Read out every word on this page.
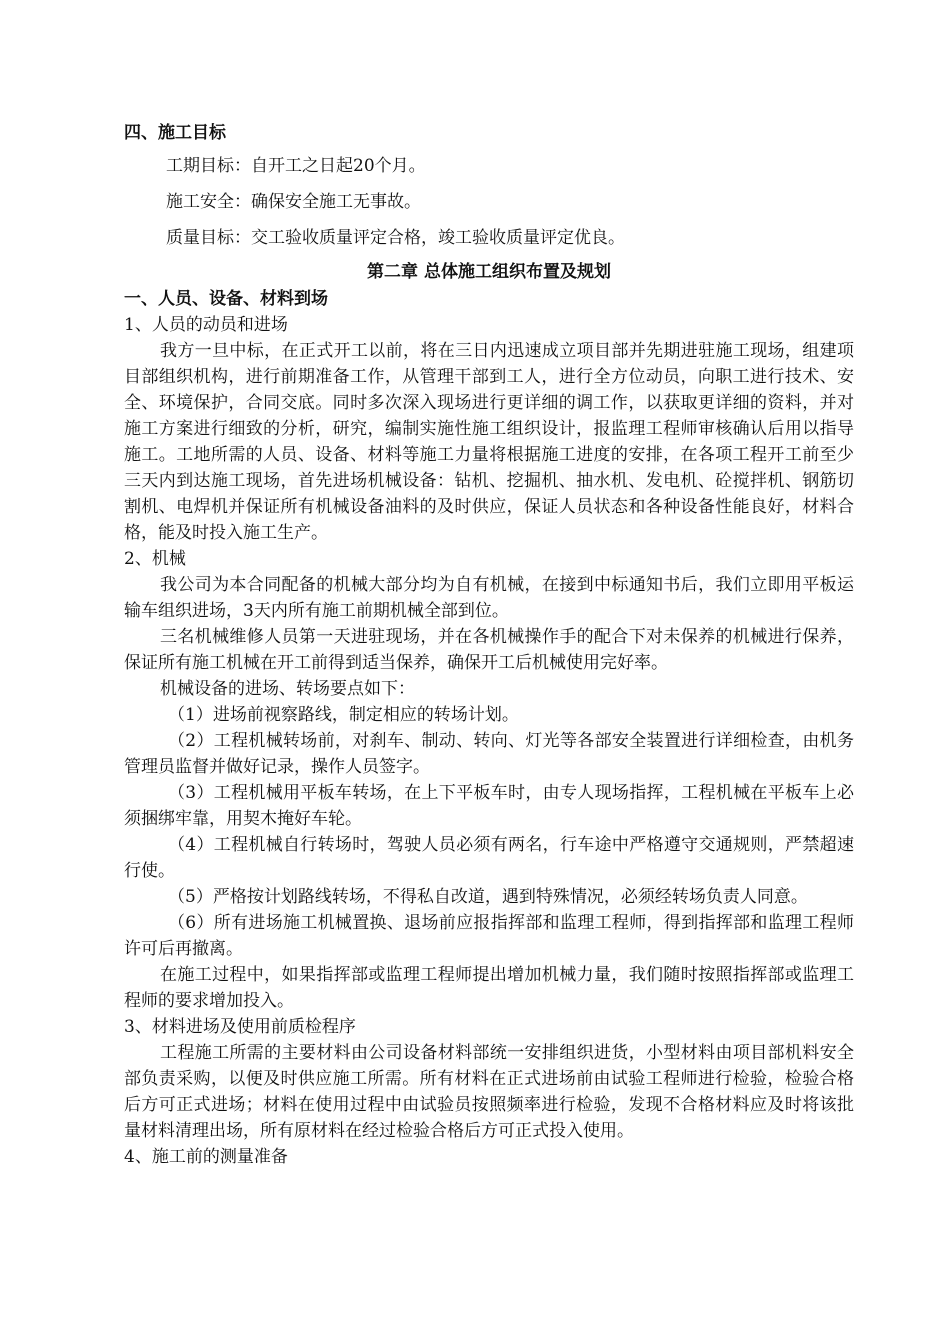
四、施工目标
工期目标：自开工之日起20个月。
施工安全：确保安全施工无事故。
质量目标：交工验收质量评定合格，竣工验收质量评定优良。
第二章 总体施工组织布置及规划
一、人员、设备、材料到场
1、人员的动员和进场

我方一旦中标，在正式开工以前，将在三日内迅速成立项目部并先期进驻施工现场，组建项目部组织机构，进行前期准备工作，从管理干部到工人，进行全方位动员，向职工进行技术、安全、环境保护，合同交底。同时多次深入现场进行更详细的调工作，以获取更详细的资料，并对施工方案进行细致的分析，研究，编制实施性施工组织设计，报监理工程师审核确认后用以指导施工。工地所需的人员、设备、材料等施工力量将根据施工进度的安排，在各项工程开工前至少三天内到达施工现场，首先进场机械设备：钻机、挖掘机、抽水机、发电机、砼搅拌机、钢筋切割机、电焊机并保证所有机械设备油料的及时供应，保证人员状态和各种设备性能良好，材料合格，能及时投入施工生产。

2、机械

我公司为本合同配备的机械大部分均为自有机械，在接到中标通知书后，我们立即用平板运输车组织进场，3天内所有施工前期机械全部到位。

三名机械维修人员第一天进驻现场，并在各机械操作手的配合下对未保养的机械进行保养，保证所有施工机械在开工前得到适当保养，确保开工后机械使用完好率。

机械设备的进场、转场要点如下：

（1）进场前视察路线，制定相应的转场计划。

（2）工程机械转场前，对刹车、制动、转向、灯光等各部安全装置进行详细检查，由机务管理员监督并做好记录，操作人员签字。

（3）工程机械用平板车转场，在上下平板车时，由专人现场指挥，工程机械在平板车上必须捆绑牢靠，用契木掩好车轮。

（4）工程机械自行转场时，驾驶人员必须有两名，行车途中严格遵守交通规则，严禁超速行使。

（5）严格按计划路线转场，不得私自改道，遇到特殊情况，必须经转场负责人同意。

（6）所有进场施工机械置换、退场前应报指挥部和监理工程师，得到指挥部和监理工程师许可后再撤离。

在施工过程中，如果指挥部或监理工程师提出增加机械力量，我们随时按照指挥部或监理工程师的要求增加投入。

3、材料进场及使用前质检程序

工程施工所需的主要材料由公司设备材料部统一安排组织进货，小型材料由项目部机料安全部负责采购，以便及时供应施工所需。所有材料在正式进场前由试验工程师进行检验，检验合格后方可正式进场；材料在使用过程中由试验员按照频率进行检验，发现不合格材料应及时将该批量材料清理出场，所有原材料在经过检验合格后方可正式投入使用。

4、施工前的测量准备
